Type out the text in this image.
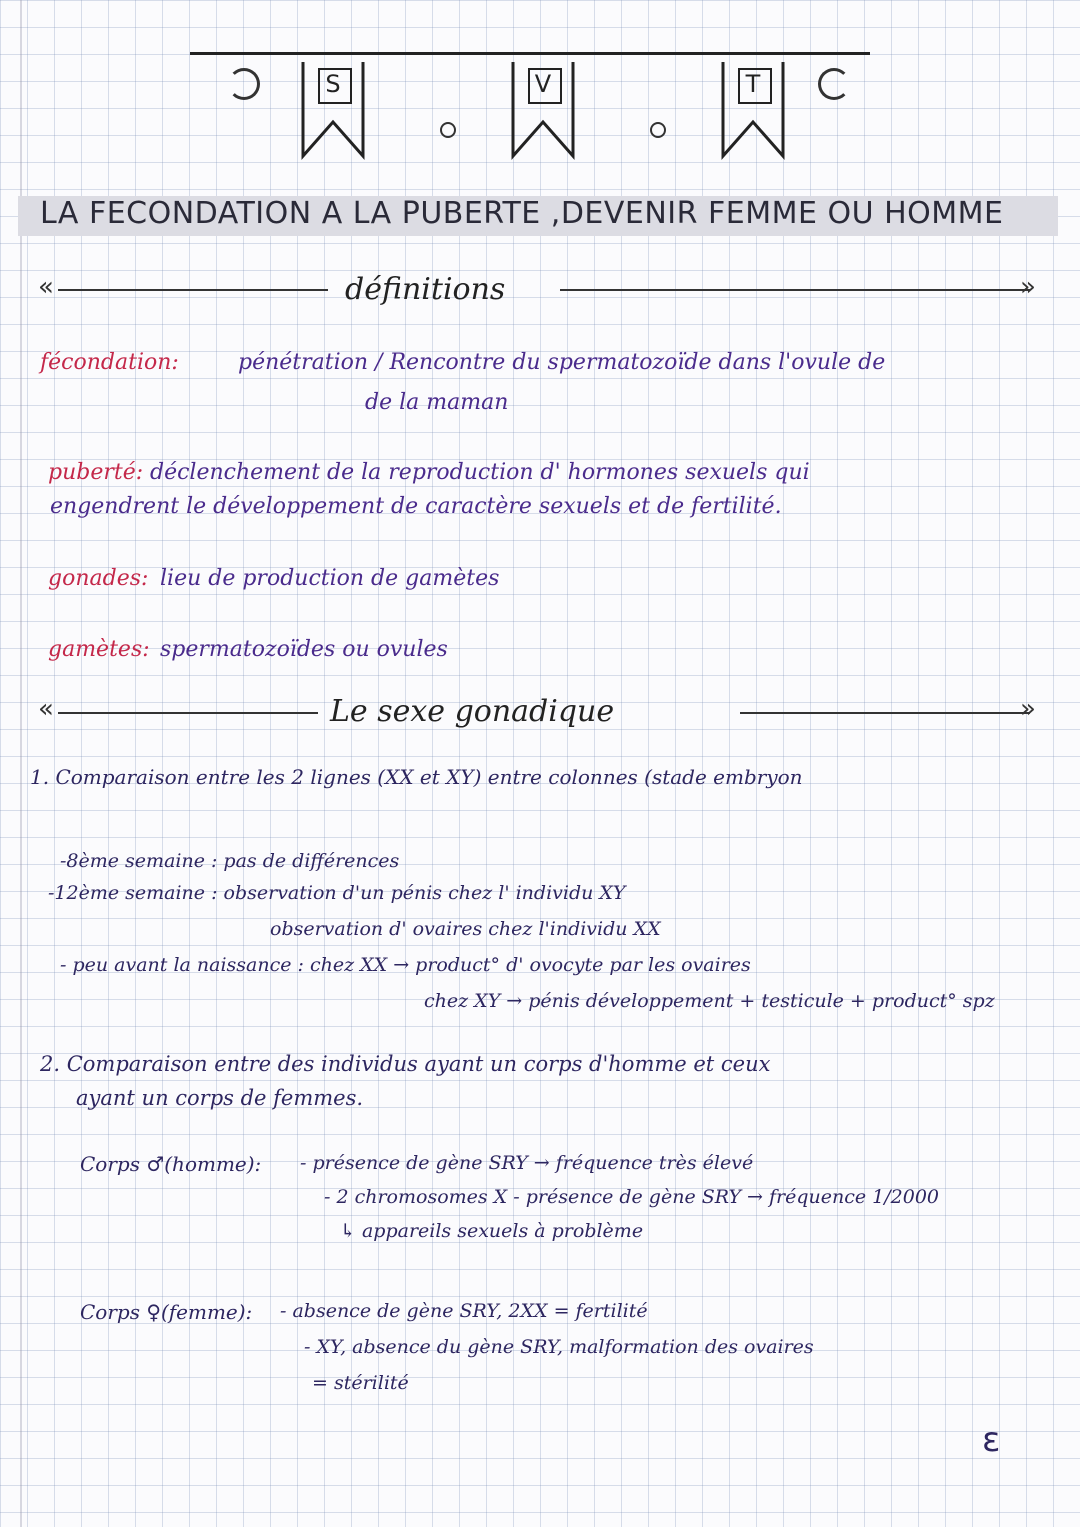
S	V	T
LA FECONDATION A LA PUBERTE ,DEVENIR FEMME OU HOMME
«	définitions	»
fécondation:	pénétration / Rencontre du spermatozoïde dans l'ovule de
de la maman
puberté: déclenchement de la reproduction d' hormones sexuels qui
engendrent le développement de caractère sexuels et de fertilité.
gonades: lieu de production de gamètes
gamètes: spermatozoïdes ou ovules
«	Le sexe gonadique	»
1. Comparaison entre les 2 lignes (XX et XY) entre colonnes (stade embryon
-8ème semaine : pas de différences
-12ème semaine : observation d'un pénis chez l' individu XY
observation d' ovaires chez l'individu XX
- peu avant la naissance : chez XX → product° d' ovocyte par les ovaires
chez XY → pénis développement + testicule + product° spz
2. Comparaison entre des individus ayant un corps d'homme et ceux
ayant un corps de femmes.
Corps ♂(homme): - présence de gène SRY → fréquence très élevé
- 2 chromosomes X - présence de gène SRY → fréquence 1/2000
↳ appareils sexuels à problème
Corps ♀(femme): - absence de gène SRY, 2XX = fertilité
- XY, absence du gène SRY, malformation des ovaires
= stérilité
ɛ
